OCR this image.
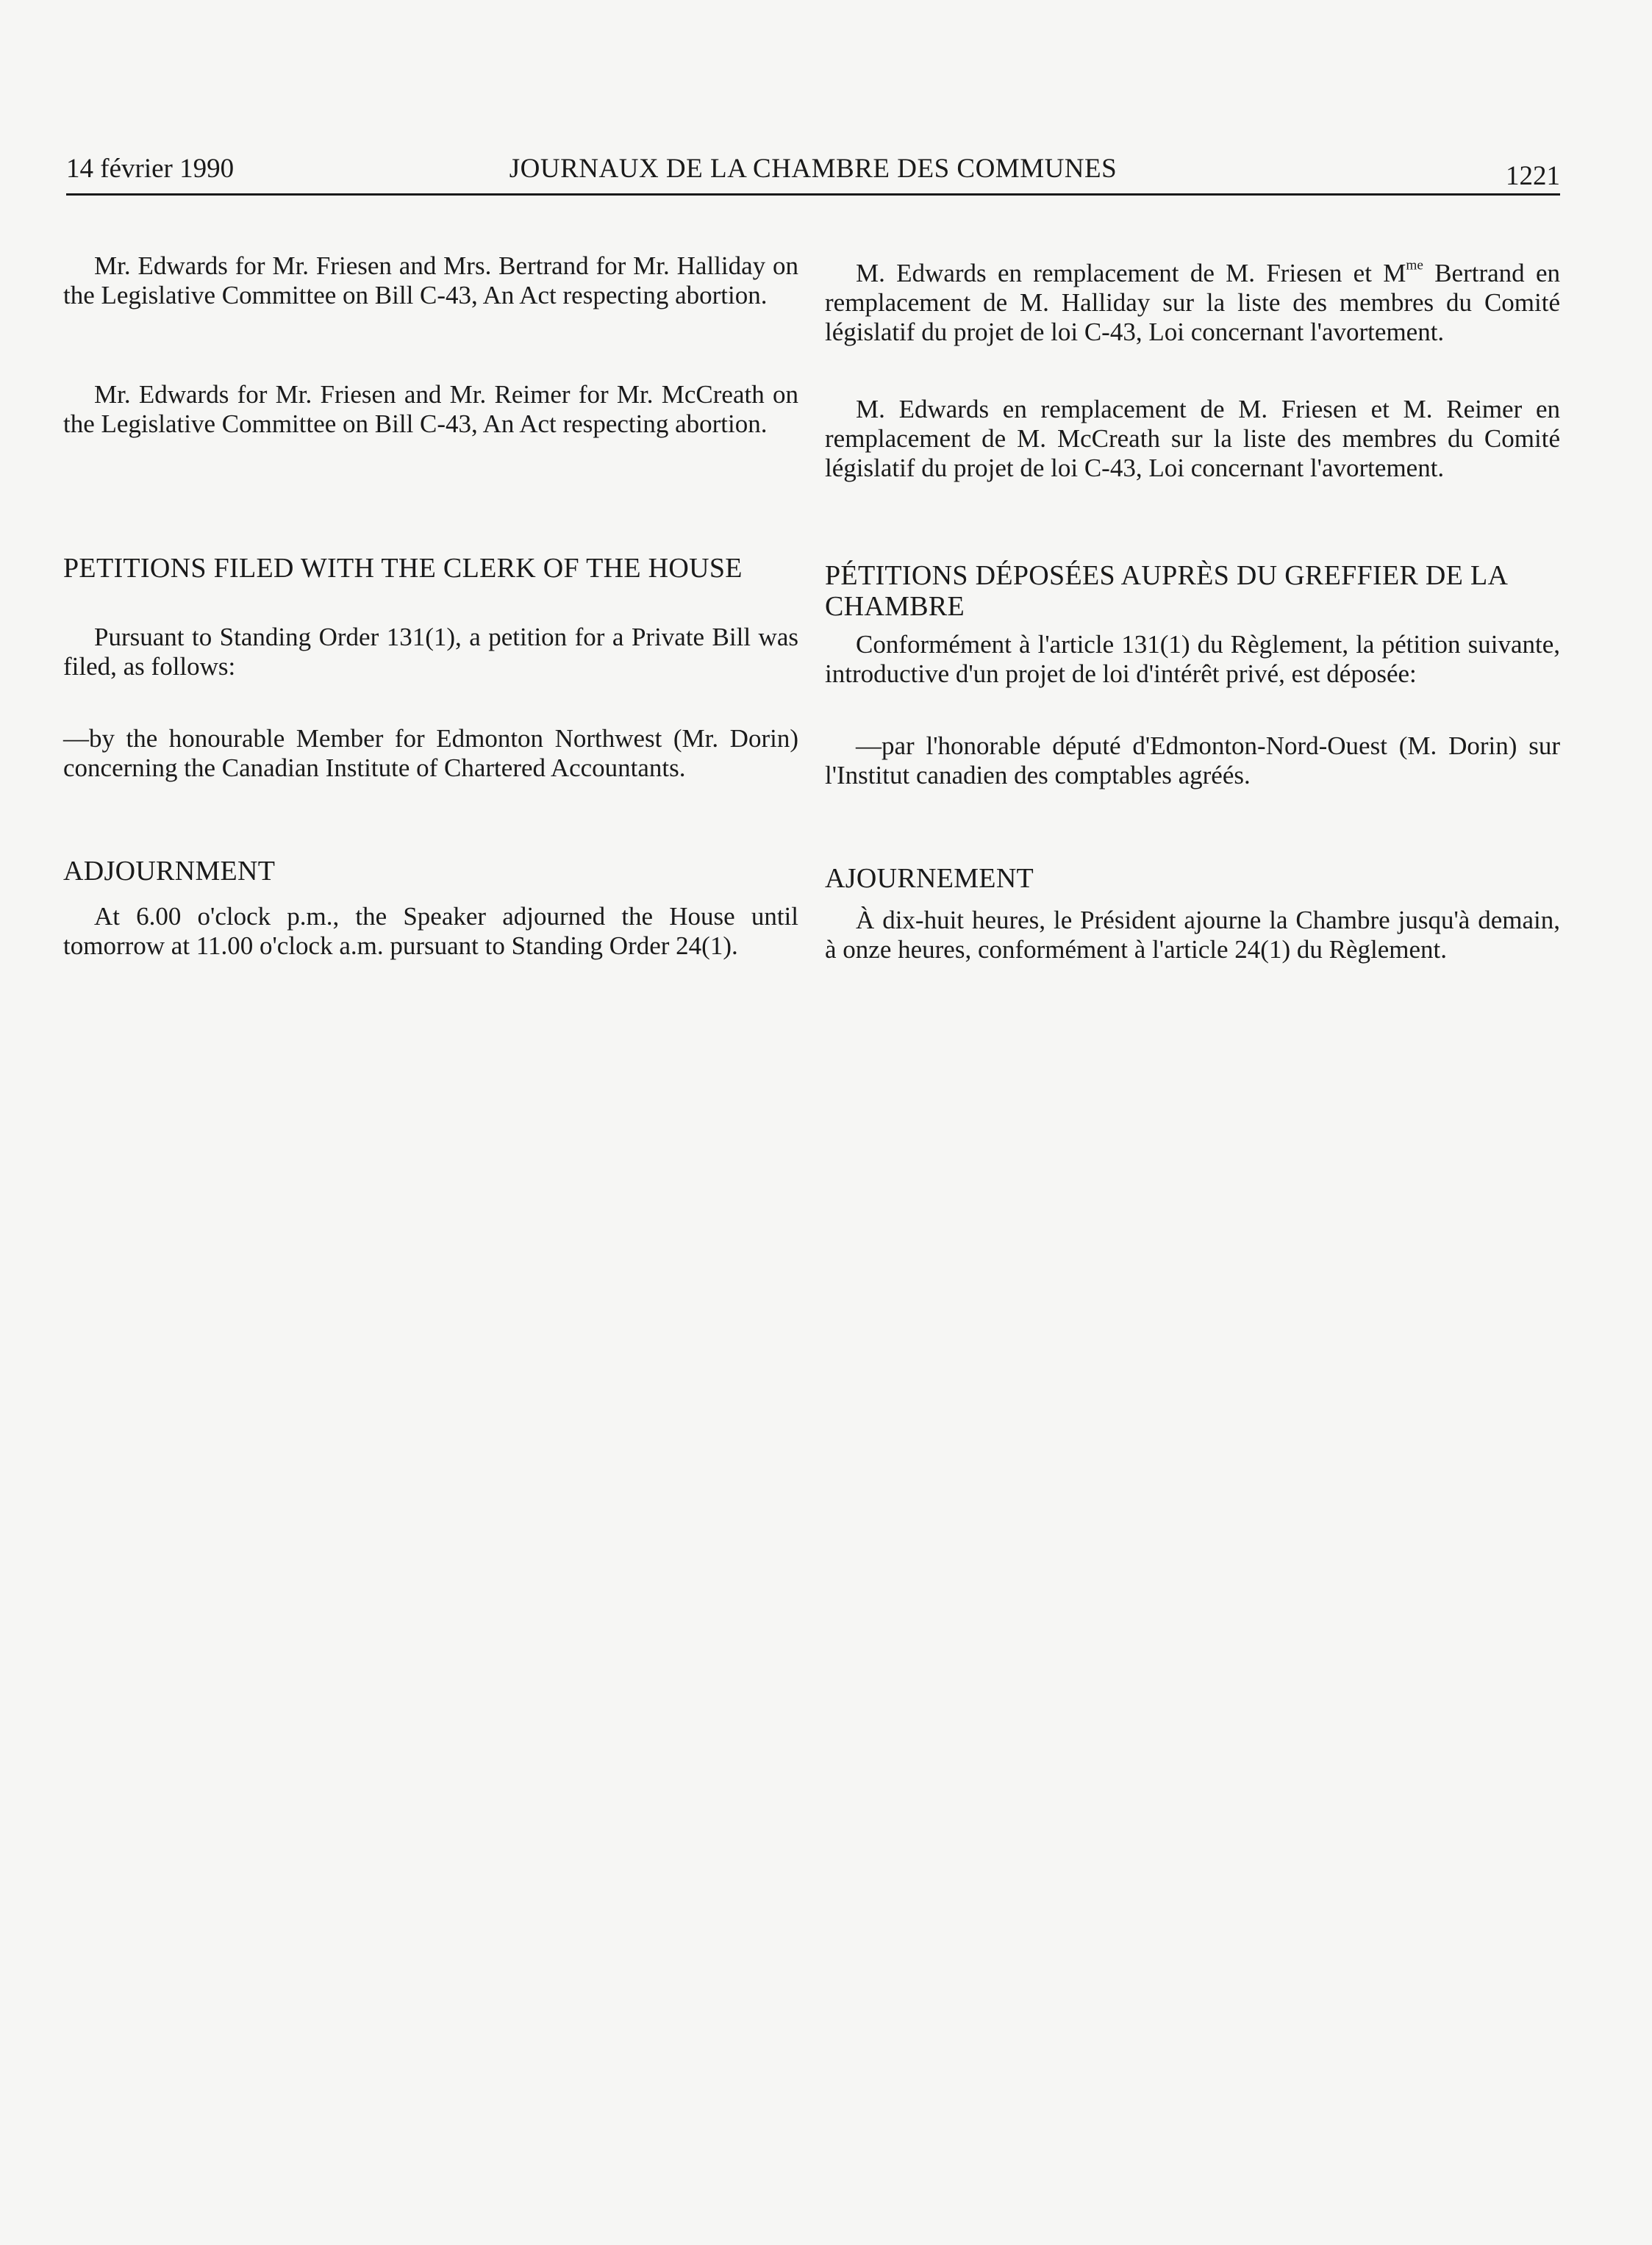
14 février 1990	JOURNAUX DE LA CHAMBRE DES COMMUNES	1221

Mr. Edwards for Mr. Friesen and Mrs. Bertrand for Mr. Halliday on the Legislative Committee on Bill C-43, An Act respecting abortion.

Mr. Edwards for Mr. Friesen and Mr. Reimer for Mr. McCreath on the Legislative Committee on Bill C-43, An Act respecting abortion.

PETITIONS FILED WITH THE CLERK OF THE HOUSE

Pursuant to Standing Order 131(1), a petition for a Private Bill was filed, as follows:

—by the honourable Member for Edmonton Northwest (Mr. Dorin) concerning the Canadian Institute of Chartered Accountants.

ADJOURNMENT

At 6.00 o'clock p.m., the Speaker adjourned the House until tomorrow at 11.00 o'clock a.m. pursuant to Standing Order 24(1).

M. Edwards en remplacement de M. Friesen et $M^{me}$ Bertrand en remplacement de M. Halliday sur la liste des membres du Comité législatif du projet de loi C-43, Loi concernant l'avortement.

M. Edwards en remplacement de M. Friesen et M. Reimer en remplacement de M. McCreath sur la liste des membres du Comité législatif du projet de loi C-43, Loi concernant l'avortement.

PÉTITIONS DÉPOSÉES AUPRÈS DU GREFFIER DE LA CHAMBRE

Conformément à l'article 131(1) du Règlement, la pétition suivante, introductive d'un projet de loi d'intérêt privé, est déposée:

—par l'honorable député d'Edmonton-Nord-Ouest (M. Dorin) sur l'Institut canadien des comptables agréés.

AJOURNEMENT

À dix-huit heures, le Président ajourne la Chambre jusqu'à demain, à onze heures, conformément à l'article 24(1) du Règlement.
